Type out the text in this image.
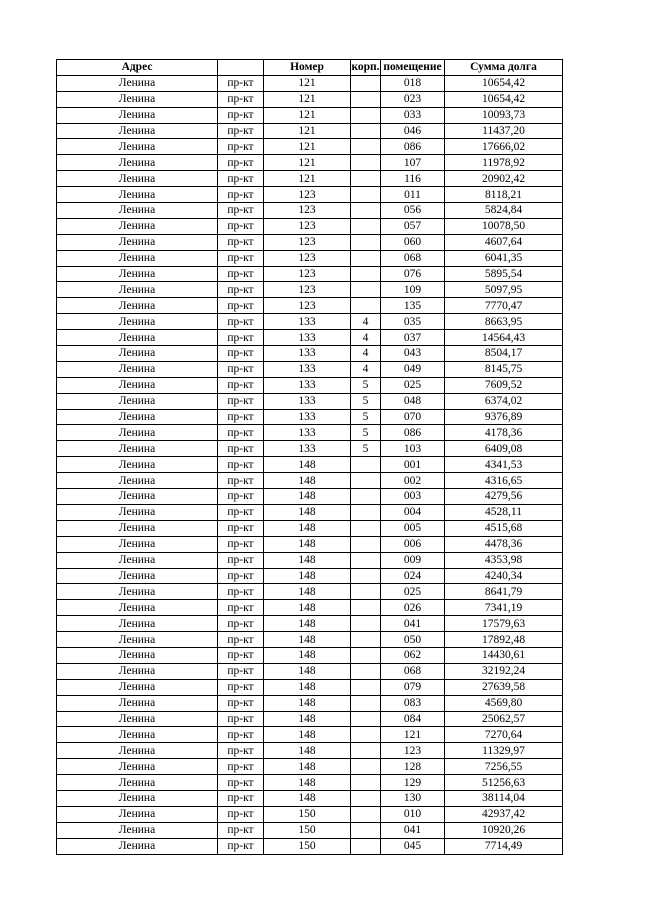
Адрес		Номер	корп.	помещение	Сумма долга
Ленина	пр-кт	121		018	10654,42
Ленина	пр-кт	121		023	10654,42
Ленина	пр-кт	121		033	10093,73
Ленина	пр-кт	121		046	11437,20
Ленина	пр-кт	121		086	17666,02
Ленина	пр-кт	121		107	11978,92
Ленина	пр-кт	121		116	20902,42
Ленина	пр-кт	123		011	8118,21
Ленина	пр-кт	123		056	5824,84
Ленина	пр-кт	123		057	10078,50
Ленина	пр-кт	123		060	4607,64
Ленина	пр-кт	123		068	6041,35
Ленина	пр-кт	123		076	5895,54
Ленина	пр-кт	123		109	5097,95
Ленина	пр-кт	123		135	7770,47
Ленина	пр-кт	133	4	035	8663,95
Ленина	пр-кт	133	4	037	14564,43
Ленина	пр-кт	133	4	043	8504,17
Ленина	пр-кт	133	4	049	8145,75
Ленина	пр-кт	133	5	025	7609,52
Ленина	пр-кт	133	5	048	6374,02
Ленина	пр-кт	133	5	070	9376,89
Ленина	пр-кт	133	5	086	4178,36
Ленина	пр-кт	133	5	103	6409,08
Ленина	пр-кт	148		001	4341,53
Ленина	пр-кт	148		002	4316,65
Ленина	пр-кт	148		003	4279,56
Ленина	пр-кт	148		004	4528,11
Ленина	пр-кт	148		005	4515,68
Ленина	пр-кт	148		006	4478,36
Ленина	пр-кт	148		009	4353,98
Ленина	пр-кт	148		024	4240,34
Ленина	пр-кт	148		025	8641,79
Ленина	пр-кт	148		026	7341,19
Ленина	пр-кт	148		041	17579,63
Ленина	пр-кт	148		050	17892,48
Ленина	пр-кт	148		062	14430,61
Ленина	пр-кт	148		068	32192,24
Ленина	пр-кт	148		079	27639,58
Ленина	пр-кт	148		083	4569,80
Ленина	пр-кт	148		084	25062,57
Ленина	пр-кт	148		121	7270,64
Ленина	пр-кт	148		123	11329,97
Ленина	пр-кт	148		128	7256,55
Ленина	пр-кт	148		129	51256,63
Ленина	пр-кт	148		130	38114,04
Ленина	пр-кт	150		010	42937,42
Ленина	пр-кт	150		041	10920,26
Ленина	пр-кт	150		045	7714,49
